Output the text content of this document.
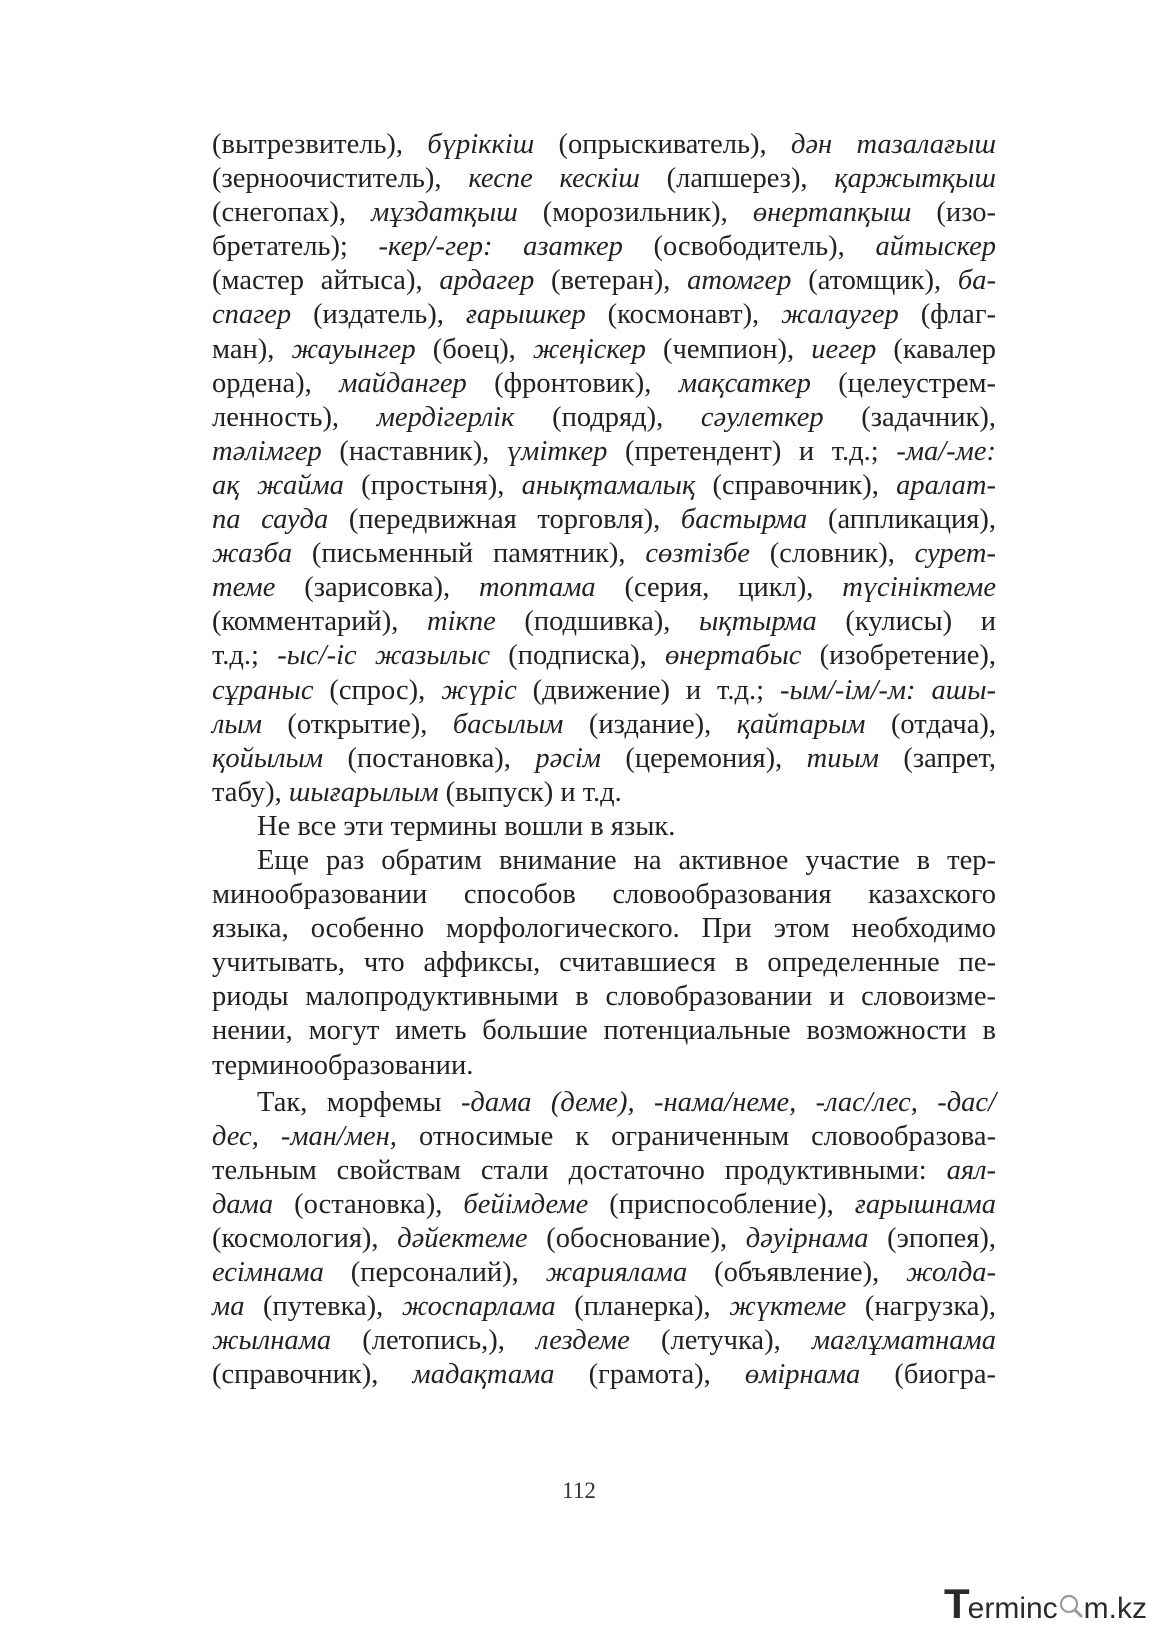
(вытрезвитель), бүріккіш (опрыскиватель), дән тазалағыш
(зерноочиститель), кеспе кескіш (лапшерез), қаржытқыш
(снегопах), мұздатқыш (морозильник), өнертапқыш (изо-
бретатель); -кер/-гер: азаткер (освободитель), айтыскер
(мастер айтыса), ардагер (ветеран), атомгер (атомщик), ба-
спагер (издатель), ғарышкер (космонавт), жалаугер (флаг-
ман), жауынгер (боец), жеңіскер (чемпион), иегер (кавалер
ордена), майдангер (фронтовик), мақсаткер (целеустрем-
ленность), мердігерлік (подряд), сәулеткер (задачник),
тәлімгер (наставник), үміткер (претендент) и т.д.; -ма/-ме:
ақ жайма (простыня), анықтамалық (справочник), аралат-
па сауда (передвижная торговля), бастырма (аппликация),
жазба (письменный памятник), сөзтізбе (словник), сурет-
теме (зарисовка), топтама (серия, цикл), түсініктеме
(комментарий), тікпе (подшивка), ықтырма (кулисы) и
т.д.; -ыс/-іс жазылыс (подписка), өнертабыс (изобретение),
сұраныс (спрос), жүріс (движение) и т.д.; -ым/-ім/-м: ашы-
лым (открытие), басылым (издание), қайтарым (отдача),
қойылым (постановка), рәсім (церемония), тиым (запрет,
табу), шығарылым (выпуск) и т.д.
Не все эти термины вошли в язык.
Еще раз обратим внимание на активное участие в тер-
минообразовании способов словообразования казахского
языка, особенно морфологического. При этом необходимо
учитывать, что аффиксы, считавшиеся в определенные пе-
риоды малопродуктивными в словобразовании и словоизме-
нении, могут иметь большие потенциальные возможности в
терминообразовании.
Так, морфемы -дама (деме), -нама/неме, -лас/лес, -дас/
дес, -ман/мен, относимые к ограниченным словообразова-
тельным свойствам стали достаточно продуктивными: аял-
дама (остановка), бейімдеме (приспособление), ғарышнама
(космология), дәйектеме (обоснование), дәуірнама (эпопея),
есімнама (персоналий), жариялама (объявление), жолда-
ма (путевка), жоспарлама (планерка), жүктеме (нагрузка),
жылнама (летопись,), лездеме (летучка), мағлұматнама
(справочник), мадақтама (грамота), өмірнама (биогра-
112
Terminc m.kz
